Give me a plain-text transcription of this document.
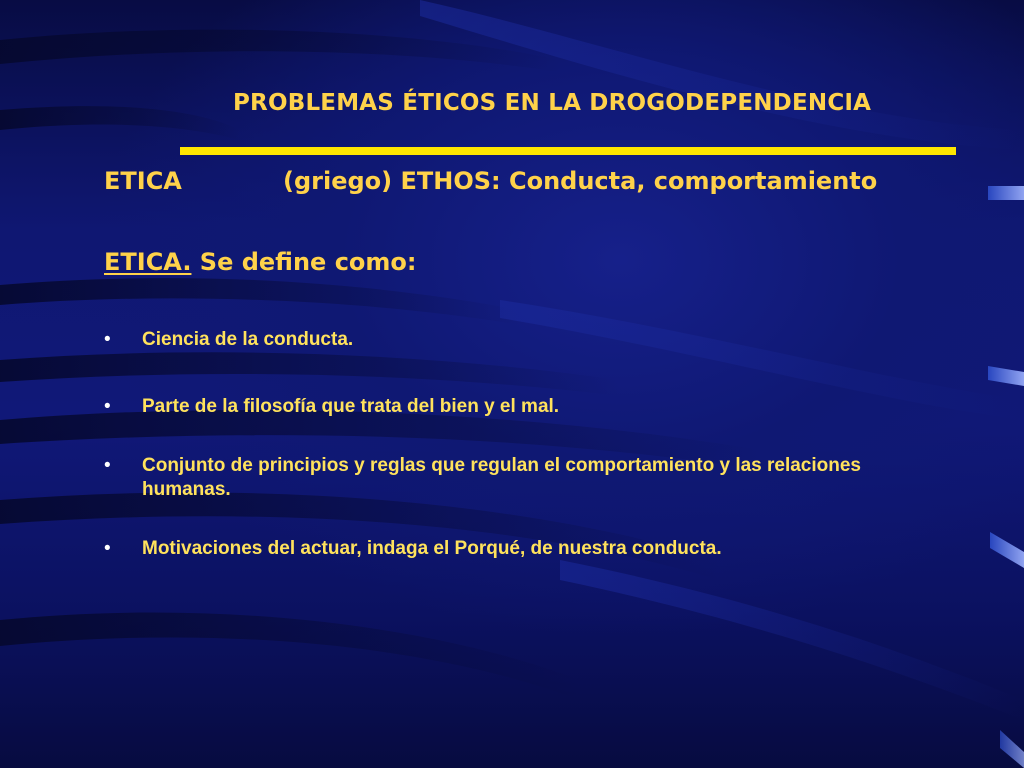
PROBLEMAS ÉTICOS EN LA DROGODEPENDENCIA
ETICA	(griego) ETHOS: Conducta, comportamiento
ETICA. Se define como:
• Ciencia de la conducta.
• Parte de la filosofía que trata del bien y el mal.
• Conjunto de principios y reglas que regulan el comportamiento y las relaciones humanas.
• Motivaciones del actuar, indaga el Porqué, de nuestra conducta.
